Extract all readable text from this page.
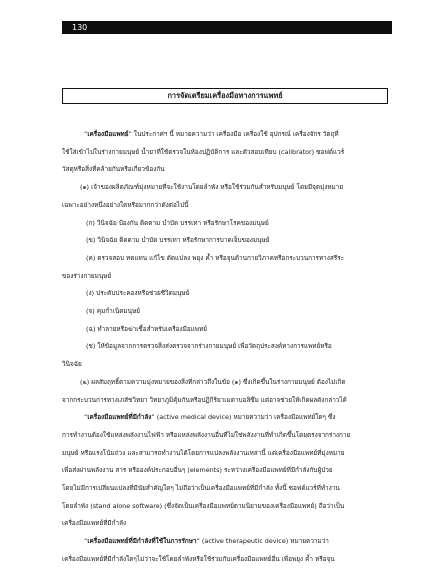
130
การจัดเตรียมเครื่องมือทางการแพทย์

“เครื่องมือแพทย์” ในประกาศฯ นี้ หมายความว่า เครื่องมือ เครื่องใช้ อุปกรณ์ เครื่องจักร วัตถุที่

ใช้ใส่เข้าไปในร่างกายมนุษย์ น้ำยาที่ใช้ตรวจในห้องปฏิบัติการ และตัวสอบเทียบ (calibrator) ซอฟต์แวร์

วัสดุหรือสิ่งที่คล้ายกันหรือเกี่ยวข้องกัน

(๑) เจ้าของผลิตภัณฑ์มุ่งหมายที่จะใช้งานโดยลำพัง หรือใช้ร่วมกันสำหรับมนุษย์ โดยมีจุดมุ่งหมาย

เฉพาะอย่างหนึ่งอย่างใดหรือมากกว่าดังต่อไปนี้

(ก) วินิจฉัย ป้องกัน ติดตาม บำบัด บรรเทา หรือรักษาโรคของมนุษย์

(ข) วินิจฉัย ติดตาม บำบัด บรรเทา หรือรักษาการบาดเจ็บของมนุษย์

(ค) ตรวจสอบ ทดแทน แก้ไข ดัดแปลง พยุง ค้ำ หรือจุนด้านกายวิภาคหรือกระบวนการทางสรีระ

ของร่างกายมนุษย์

(ง) ประคับประคองหรือช่วยชีวิตมนุษย์

(จ) คุมกำเนิดมนุษย์

(ฉ) ทำลายหรือฆ่าเชื้อสำหรับเครื่องมือแพทย์

(ช) ให้ข้อมูลจากการตรวจสิ่งส่งตรวจจากร่างกายมนุษย์ เพื่อวัตถุประสงค์ทางการแพทย์หรือ

วินิจฉัย

(๒) ผลสัมฤทธิ์ตามความมุ่งหมายของสิ่งที่กล่าวถึงในข้อ (๑) ซึ่งเกิดขึ้นในร่างกายมนุษย์ ต้องไม่เกิด

จากกระบวนการทางเภสัชวิทยา วิทยาภูมิคุ้มกันหรือปฏิกิริยาเมตาบอลิซึม แต่อาจช่วยให้เกิดผลดังกล่าวได้

“เครื่องมือแพทย์ที่มีกำลัง” (active medical device) หมายความว่า เครื่องมือแพทย์ใดๆ ซึ่ง

การทำงานต้องใช้แหล่งพลังงานไฟฟ้า หรือแหล่งพลังงานอื่นที่ไม่ใช่พลังงานที่ทำเกิดขึ้นโดยตรงจากร่างกาย

มนุษย์ หรือแรงโน้มถ่วง และสามารถทำงานได้โดยการแปลงพลังงานเหล่านี้ แต่เครื่องมือแพทย์ที่มุ่งหมาย

เพื่อส่งผ่านพลังงาน สาร หรือองค์ประกอบอื่นๆ (elements) ระหว่างเครื่องมือแพทย์ที่มีกำลังกับผู้ป่วย

โดยไม่มีการเปลี่ยนแปลงที่มีนัยสำคัญใดๆ ไม่ถือว่าเป็นเครื่องมือแพทย์ที่มีกำลัง ทั้งนี้ ซอฟต์แวร์ที่ทำงาน

โดยลำพัง (stand alone software) (ซึ่งจัดเป็นเครื่องมือแพทย์ตามนิยามของเครื่องมือแพทย์) ถือว่าเป็น

เครื่องมือแพทย์ที่มีกำลัง

“เครื่องมือแพทย์ที่มีกำลังที่ใช้ในการรักษา” (active therapeutic device) หมายความว่า

เครื่องมือแพทย์ที่มีกำลังใดๆไม่ว่าจะใช้โดยลำพังหรือใช้ร่วมกับเครื่องมือแพทย์อื่น เพื่อพยุง ค้ำ หรือจุน
